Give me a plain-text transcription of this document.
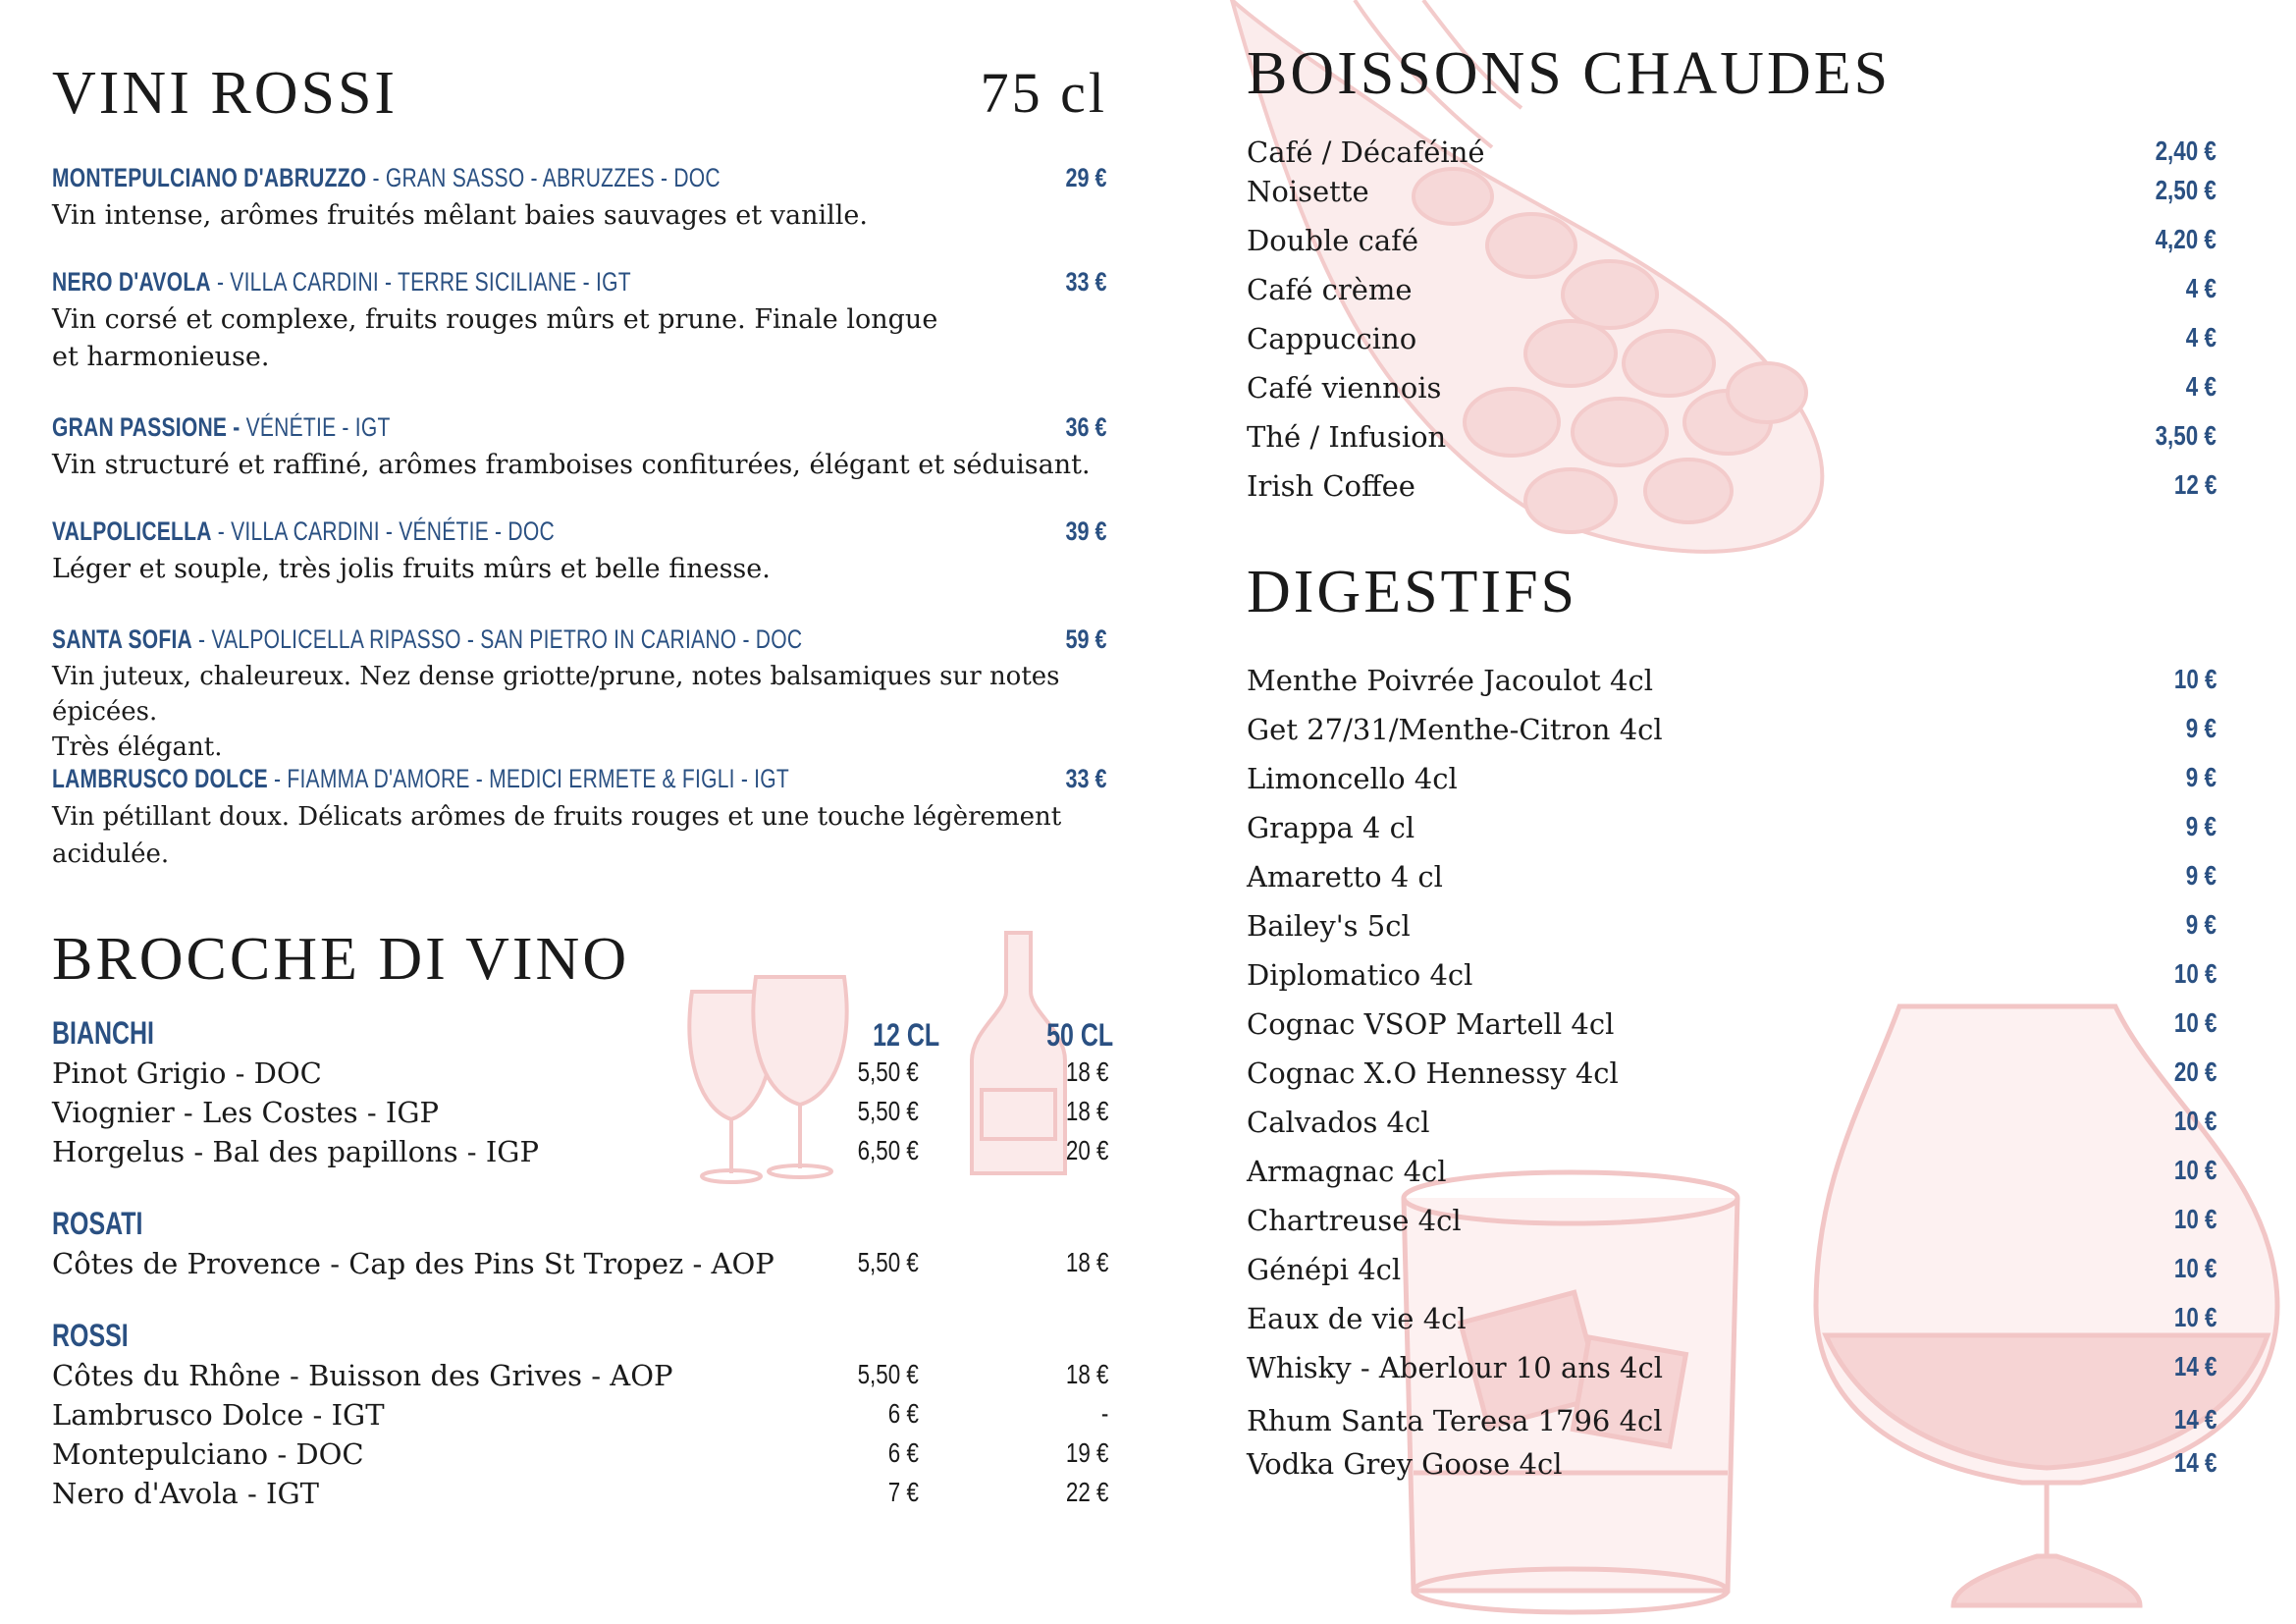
VINI ROSSI	75 cl
MONTEPULCIANO D'ABRUZZO - GRAN SASSO - ABRUZZES - DOC	29 €
Vin intense, arômes fruités mêlant baies sauvages et vanille.
NERO D'AVOLA - VILLA CARDINI - TERRE SICILIANE - IGT	33 €
Vin corsé et complexe, fruits rouges mûrs et prune. Finale longue
et harmonieuse.
GRAN PASSIONE - VÉNÉTIE - IGT	36 €
Vin structuré et raffiné, arômes framboises confiturées, élégant et séduisant.
VALPOLICELLA - VILLA CARDINI - VÉNÉTIE - DOC	39 €
Léger et souple, très jolis fruits mûrs et belle finesse.
SANTA SOFIA - VALPOLICELLA RIPASSO - SAN PIETRO IN CARIANO - DOC	59 €
Vin juteux, chaleureux. Nez dense griotte/prune, notes balsamiques sur notes épicées.
Très élégant.
LAMBRUSCO DOLCE - FIAMMA D'AMORE - MEDICI ERMETE & FIGLI - IGT	33 €
Vin pétillant doux. Délicats arômes de fruits rouges et une touche légèrement acidulée.
BROCCHE DI VINO
BIANCHI	12 CL	50 CL
Pinot Grigio - DOC	5,50 €	18 €
Viognier - Les Costes - IGP	5,50 €	18 €
Horgelus - Bal des papillons - IGP	6,50 €	20 €
ROSATI
Côtes de Provence - Cap des Pins St Tropez - AOP	5,50 €	18 €
ROSSI
Côtes du Rhône - Buisson des Grives - AOP	5,50 €	18 €
Lambrusco Dolce - IGT	6 €	-
Montepulciano - DOC	6 €	19 €
Nero d'Avola - IGT	7 €	22 €
BOISSONS CHAUDES
Café / Décaféiné	2,40 €
Noisette	2,50 €
Double café	4,20 €
Café crème	4 €
Cappuccino	4 €
Café viennois	4 €
Thé / Infusion	3,50 €
Irish Coffee	12 €
DIGESTIFS
Menthe Poivrée Jacoulot 4cl	10 €
Get 27/31/Menthe-Citron 4cl	9 €
Limoncello 4cl	9 €
Grappa 4 cl	9 €
Amaretto 4 cl	9 €
Bailey's 5cl	9 €
Diplomatico 4cl	10 €
Cognac VSOP Martell 4cl	10 €
Cognac X.O Hennessy 4cl	20 €
Calvados 4cl	10 €
Armagnac 4cl	10 €
Chartreuse 4cl	10 €
Génépi 4cl	10 €
Eaux de vie 4cl	10 €
Whisky - Aberlour 10 ans 4cl	14 €
Rhum Santa Teresa 1796 4cl	14 €
Vodka Grey Goose 4cl	14 €
